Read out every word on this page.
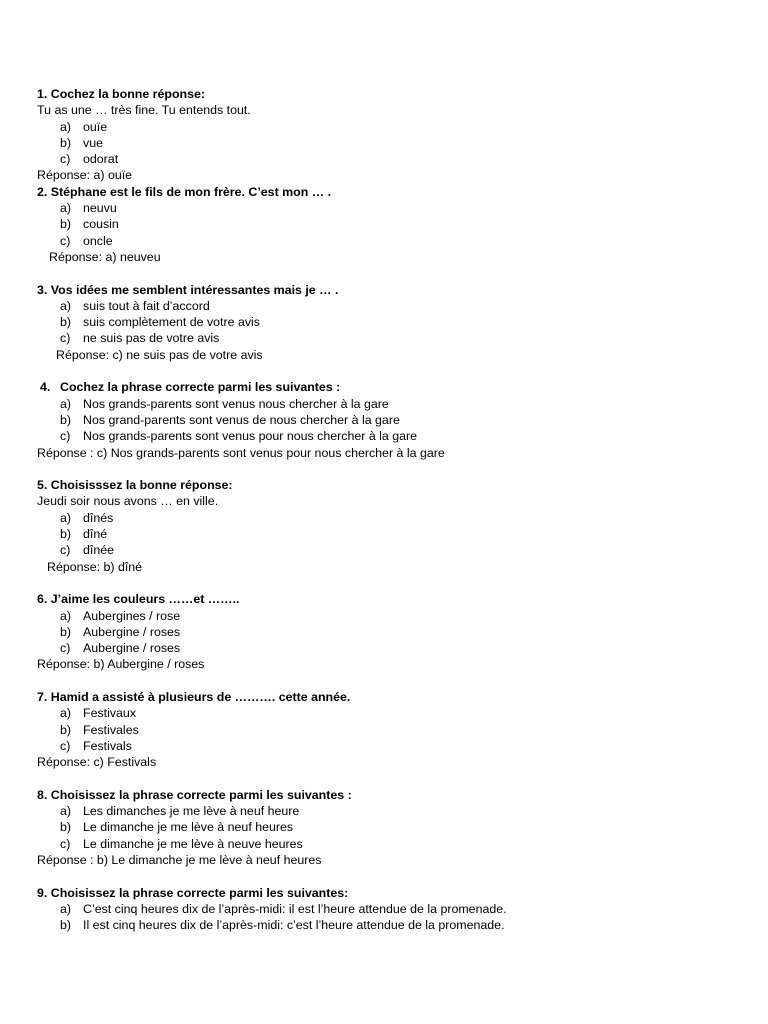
1. Cochez la bonne réponse:
Tu as une … très fine. Tu entends tout.
a) ouïe
b) vue
c) odorat
Réponse: a) ouïe
2. Stéphane est le fils de mon frère. C’est mon … .
a) neuvu
b) cousin
c) oncle
Réponse: a) neuveu
3. Vos idées me semblent intéressantes mais je … .
a) suis tout à fait d’accord
b) suis complètement de votre avis
c) ne suis pas de votre avis
Réponse: c) ne suis pas de votre avis
4. Cochez la phrase correcte parmi les suivantes :
a) Nos grands-parents sont venus nous chercher à la gare
b) Nos grand-parents sont venus de nous chercher à la gare
c) Nos grands-parents sont venus pour nous chercher à la gare
Réponse : c) Nos grands-parents sont venus pour nous chercher à la gare
5. Choisisssez la bonne réponse:
Jeudi soir nous avons … en ville.
a) dînés
b) dîné
c) dînée
Réponse: b) dîné
6. J’aime les couleurs ……et ……..
a) Aubergines / rose
b) Aubergine / roses
c) Aubergine / roses
Réponse: b) Aubergine / roses
7. Hamid a assisté à plusieurs de ………. cette année.
a) Festivaux
b) Festivales
c) Festivals
Réponse: c) Festivals
8. Choisissez la phrase correcte parmi les suivantes :
a) Les dimanches je me lève à neuf heure
b) Le dimanche je me lève à neuf heures
c) Le dimanche je me lève à neuve heures
Réponse : b) Le dimanche je me lève à neuf heures
9. Choisissez la phrase correcte parmi les suivantes:
a) C’est cinq heures dix de l’après-midi: il est l’heure attendue de la promenade.
b) Il est cinq heures dix de l’après-midi: c’est l’heure attendue de la promenade.
